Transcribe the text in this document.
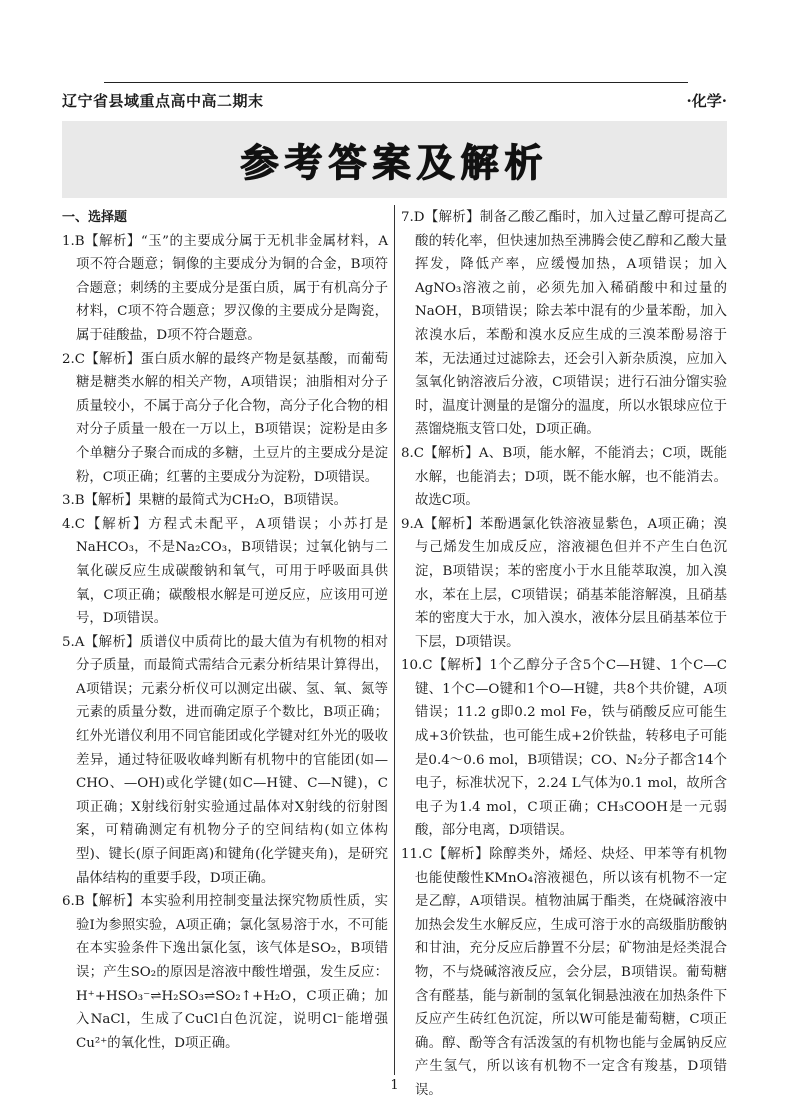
辽宁省县域重点高中高二期末	·化学·
参考答案及解析
一、选择题
1.B【解析】“玉”的主要成分属于无机非金属材料，A项不符合题意；铜像的主要成分为铜的合金，B项符合题意；刺绣的主要成分是蛋白质，属于有机高分子材料，C项不符合题意；罗汉像的主要成分是陶瓷，属于硅酸盐，D项不符合题意。
2.C【解析】蛋白质水解的最终产物是氨基酸，而葡萄糖是糖类水解的相关产物，A项错误；油脂相对分子质量较小，不属于高分子化合物，高分子化合物的相对分子质量一般在一万以上，B项错误；淀粉是由多个单糖分子聚合而成的多糖，土豆片的主要成分是淀粉，C项正确；红薯的主要成分为淀粉，D项错误。
3.B【解析】果糖的最简式为CH₂O，B项错误。
4.C【解析】方程式未配平，A项错误；小苏打是NaHCO₃，不是Na₂CO₃，B项错误；过氧化钠与二氧化碳反应生成碳酸钠和氧气，可用于呼吸面具供氧，C项正确；碳酸根水解是可逆反应，应该用可逆号，D项错误。
5.A【解析】质谱仪中质荷比的最大值为有机物的相对分子质量，而最简式需结合元素分析结果计算得出，A项错误；元素分析仪可以测定出碳、氢、氧、氮等元素的质量分数，进而确定原子个数比，B项正确；红外光谱仪利用不同官能团或化学键对红外光的吸收差异，通过特征吸收峰判断有机物中的官能团(如—CHO、—OH)或化学键(如C—H键、C—N键)，C项正确；X射线衍射实验通过晶体对X射线的衍射图案，可精确测定有机物分子的空间结构(如立体构型)、键长(原子间距离)和键角(化学键夹角)，是研究晶体结构的重要手段，D项正确。
6.B【解析】本实验利用控制变量法探究物质性质，实验Ⅰ为参照实验，A项正确；氯化氢易溶于水，不可能在本实验条件下逸出氯化氢，该气体是SO₂，B项错误；产生SO₂的原因是溶液中酸性增强，发生反应：H⁺+HSO₃⁻⇌H₂SO₃⇌SO₂↑+H₂O，C项正确；加入NaCl，生成了CuCl白色沉淀，说明Cl⁻能增强Cu²⁺的氧化性，D项正确。
7.D【解析】制备乙酸乙酯时，加入过量乙醇可提高乙酸的转化率，但快速加热至沸腾会使乙醇和乙酸大量挥发，降低产率，应缓慢加热，A项错误；加入AgNO₃溶液之前，必须先加入稀硝酸中和过量的NaOH，B项错误；除去苯中混有的少量苯酚，加入浓溴水后，苯酚和溴水反应生成的三溴苯酚易溶于苯，无法通过过滤除去，还会引入新杂质溴，应加入氢氧化钠溶液后分液，C项错误；进行石油分馏实验时，温度计测量的是馏分的温度，所以水银球应位于蒸馏烧瓶支管口处，D项正确。
8.C【解析】A、B项，能水解，不能消去；C项，既能水解，也能消去；D项，既不能水解，也不能消去。故选C项。
9.A【解析】苯酚遇氯化铁溶液显紫色，A项正确；溴与己烯发生加成反应，溶液褪色但并不产生白色沉淀，B项错误；苯的密度小于水且能萃取溴，加入溴水，苯在上层，C项错误；硝基苯能溶解溴，且硝基苯的密度大于水，加入溴水，液体分层且硝基苯位于下层，D项错误。
10.C【解析】1个乙醇分子含5个C—H键、1个C—C键、1个C—O键和1个O—H键，共8个共价键，A项错误；11.2 g即0.2 mol Fe，铁与硝酸反应可能生成+3价铁盐，也可能生成+2价铁盐，转移电子可能是0.4～0.6 mol，B项错误；CO、N₂分子都含14个电子，标准状况下，2.24 L气体为0.1 mol，故所含电子为1.4 mol，C项正确；CH₃COOH是一元弱酸，部分电离，D项错误。
11.C【解析】除醇类外，烯烃、炔烃、甲苯等有机物也能使酸性KMnO₄溶液褪色，所以该有机物不一定是乙醇，A项错误。植物油属于酯类，在烧碱溶液中加热会发生水解反应，生成可溶于水的高级脂肪酸钠和甘油，充分反应后静置不分层；矿物油是烃类混合物，不与烧碱溶液反应，会分层，B项错误。葡萄糖含有醛基，能与新制的氢氧化铜悬浊液在加热条件下反应产生砖红色沉淀，所以W可能是葡萄糖，C项正确。醇、酚等含有活泼氢的有机物也能与金属钠反应产生氢气，所以该有机物不一定含有羧基，D项错误。
1
